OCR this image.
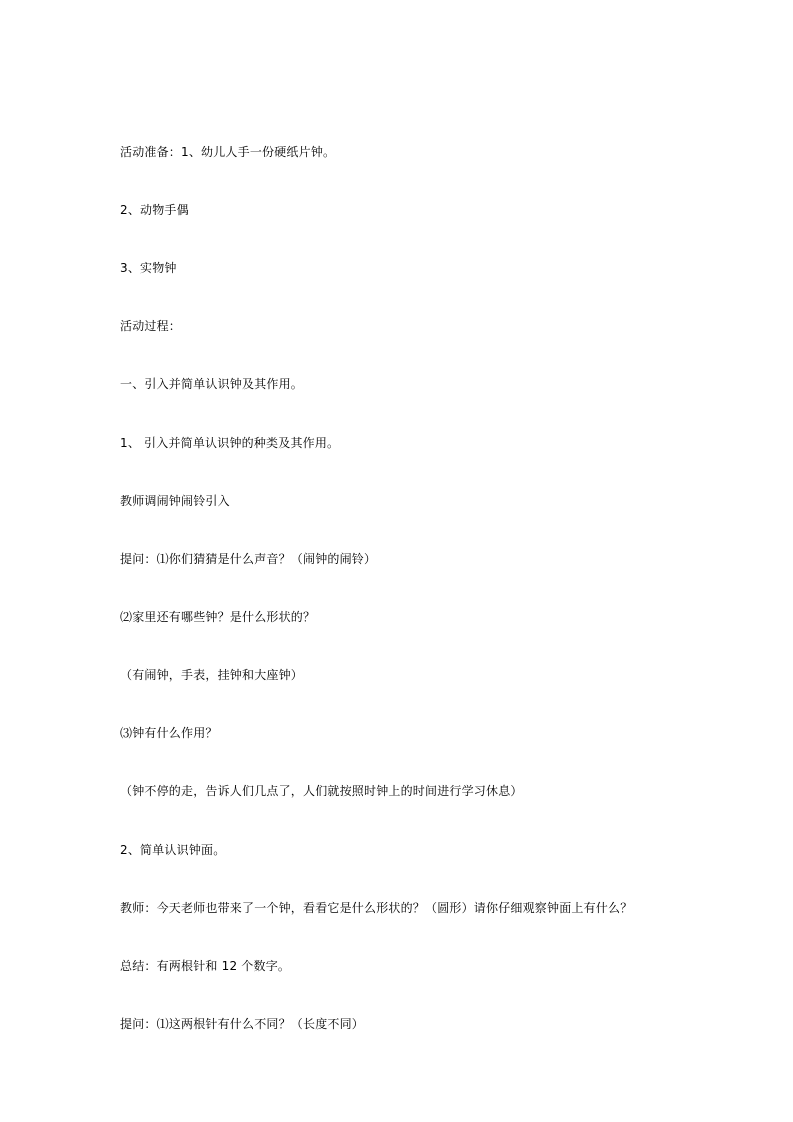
活动准备：1、幼儿人手一份硬纸片钟。

2、动物手偶

3、实物钟

活动过程：

一、引入并简单认识钟及其作用。

1、 引入并简单认识钟的种类及其作用。

教师调闹钟闹铃引入

提问：⑴你们猜猜是什么声音？（闹钟的闹铃）

⑵家里还有哪些钟？是什么形状的？

（有闹钟，手表，挂钟和大座钟）

⑶钟有什么作用？

（钟不停的走，告诉人们几点了，人们就按照时钟上的时间进行学习休息）

2、简单认识钟面。

教师：今天老师也带来了一个钟，看看它是什么形状的？（圆形）请你仔细观察钟面上有什么？

总结：有两根针和 12 个数字。

提问：⑴这两根针有什么不同？（长度不同）
